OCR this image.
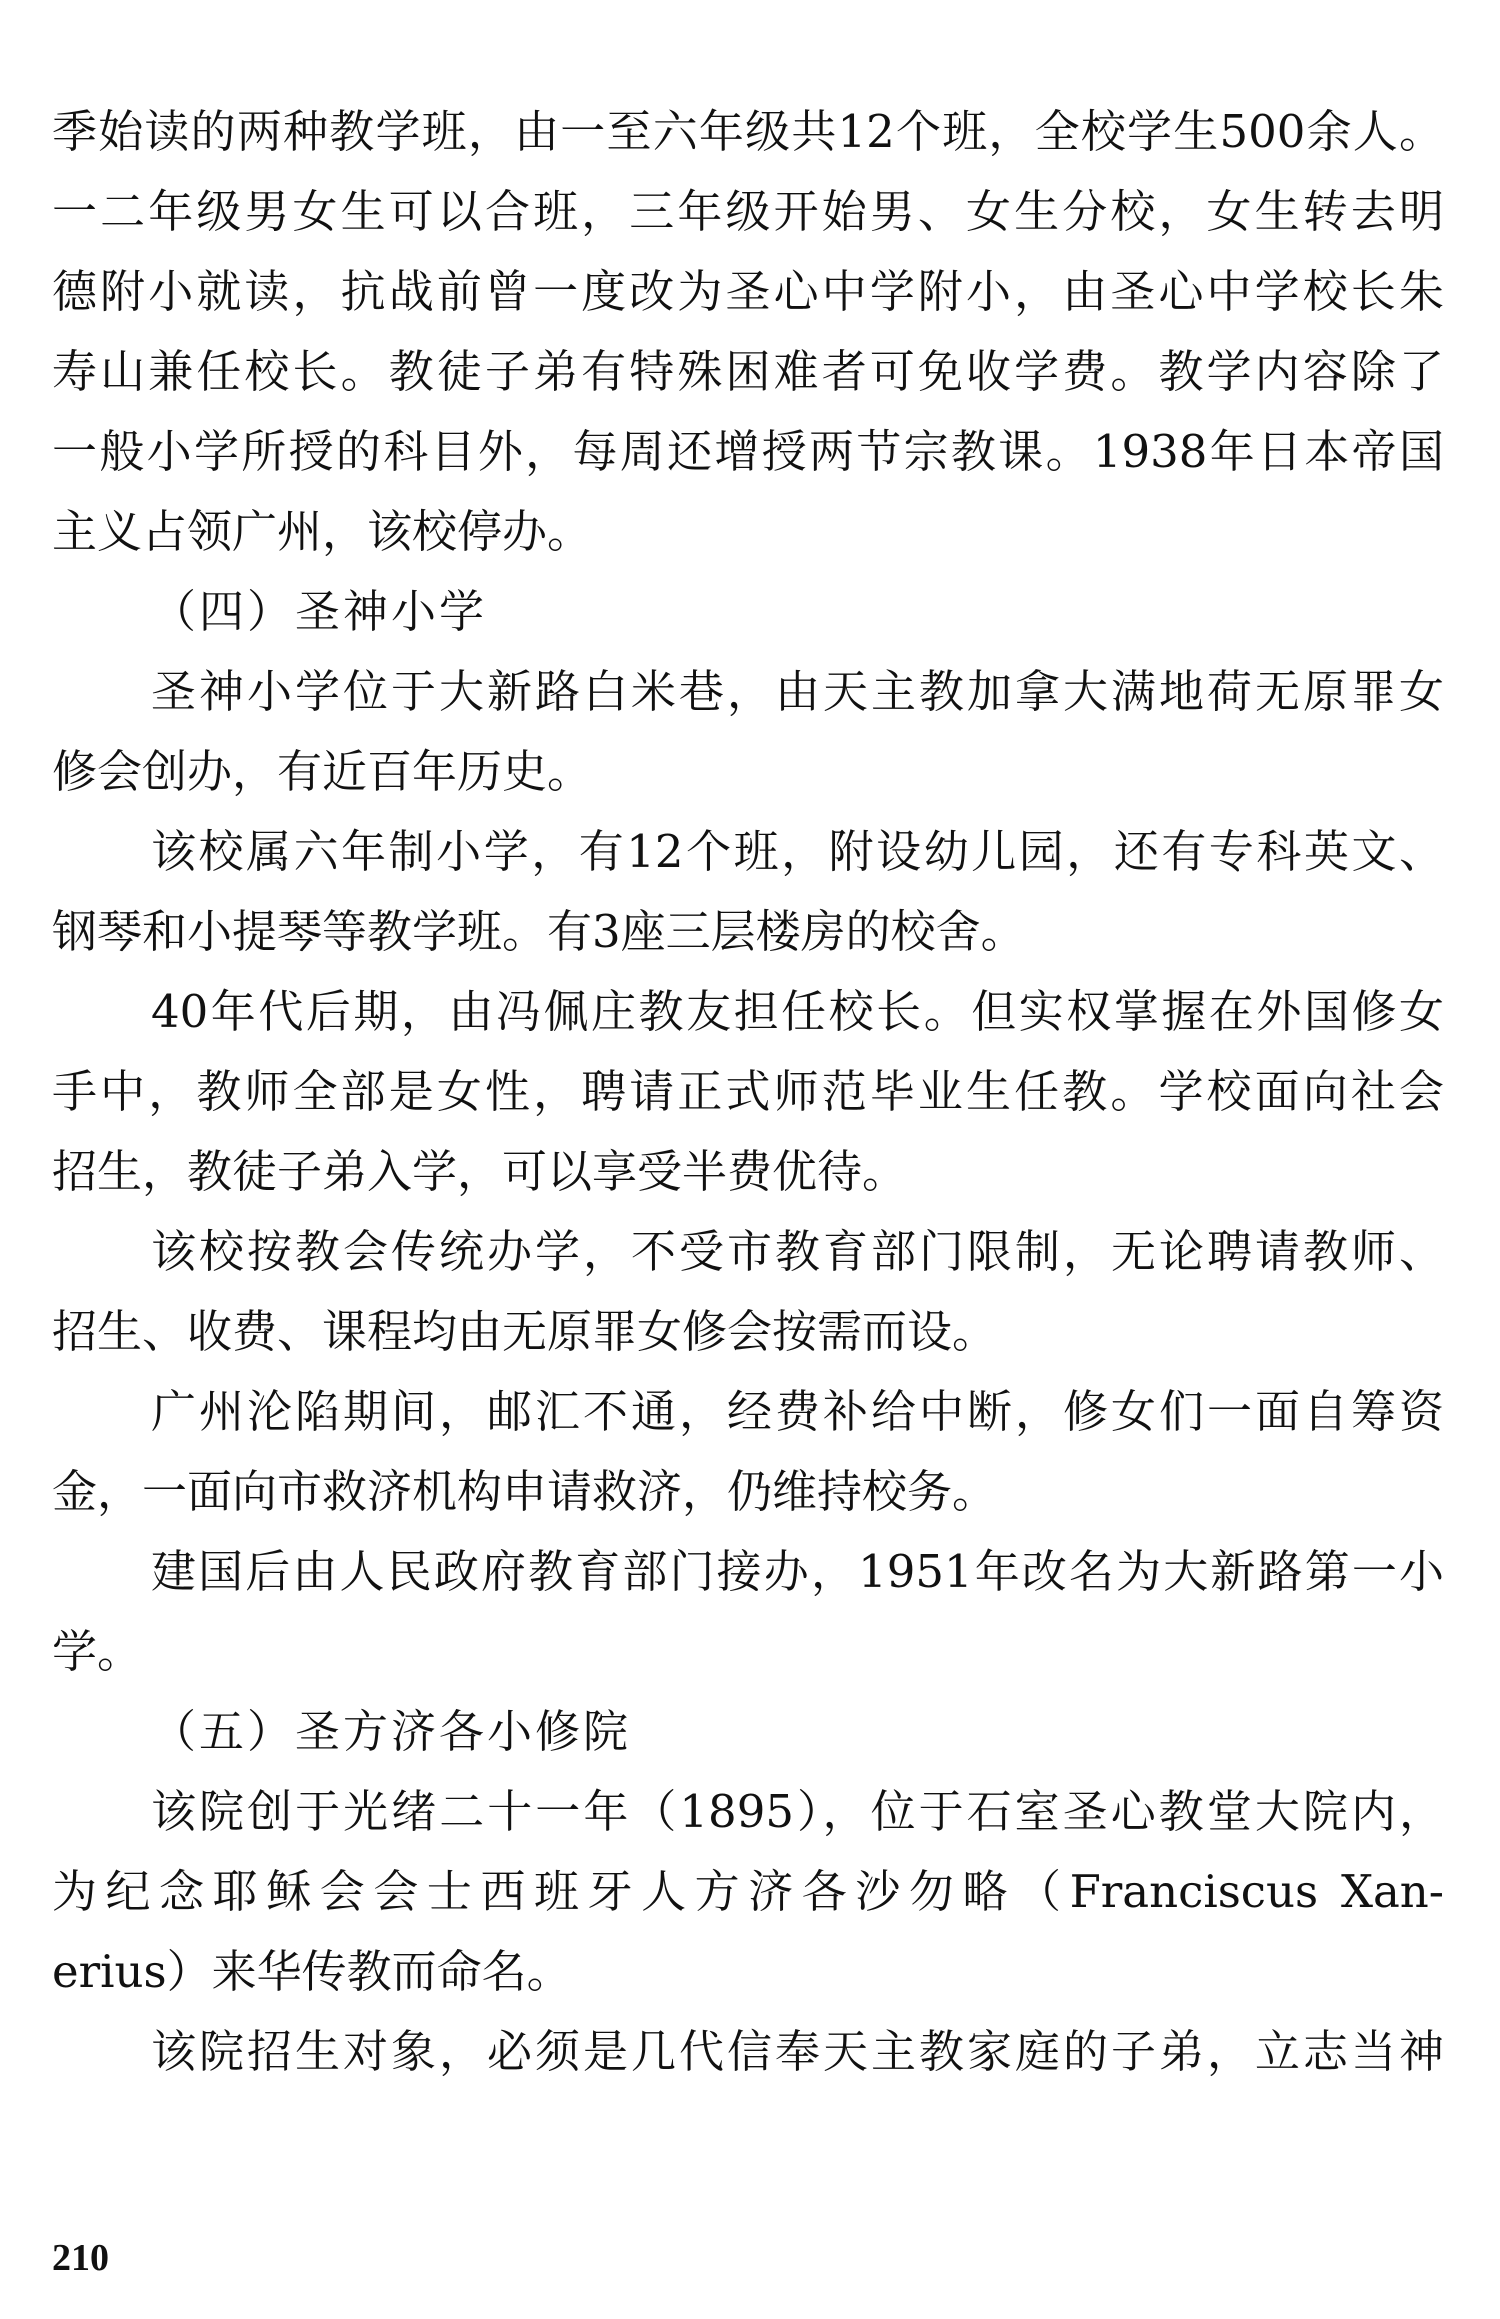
季始读的两种教学班，由一至六年级共12个班，全校学生500余人。
一二年级男女生可以合班，三年级开始男、女生分校，女生转去明
德附小就读，抗战前曾一度改为圣心中学附小，由圣心中学校长朱
寿山兼任校长。教徒子弟有特殊困难者可免收学费。教学内容除了
一般小学所授的科目外，每周还增授两节宗教课。1938年日本帝国
主义占领广州，该校停办。
（四）圣神小学
圣神小学位于大新路白米巷，由天主教加拿大满地荷无原罪女
修会创办，有近百年历史。
该校属六年制小学，有12个班，附设幼儿园，还有专科英文、
钢琴和小提琴等教学班。有3座三层楼房的校舍。
40年代后期，由冯佩庄教友担任校长。但实权掌握在外国修女
手中，教师全部是女性，聘请正式师范毕业生任教。学校面向社会
招生，教徒子弟入学，可以享受半费优待。
该校按教会传统办学，不受市教育部门限制，无论聘请教师、
招生、收费、课程均由无原罪女修会按需而设。
广州沦陷期间，邮汇不通，经费补给中断，修女们一面自筹资
金，一面向市救济机构申请救济，仍维持校务。
建国后由人民政府教育部门接办，1951年改名为大新路第一小
学。
（五）圣方济各小修院
该院创于光绪二十一年（1895），位于石室圣心教堂大院内，
为纪念耶稣会会士西班牙人方济各沙勿略（Franciscus Xan-
erius）来华传教而命名。
该院招生对象，必须是几代信奉天主教家庭的子弟，立志当神
210
